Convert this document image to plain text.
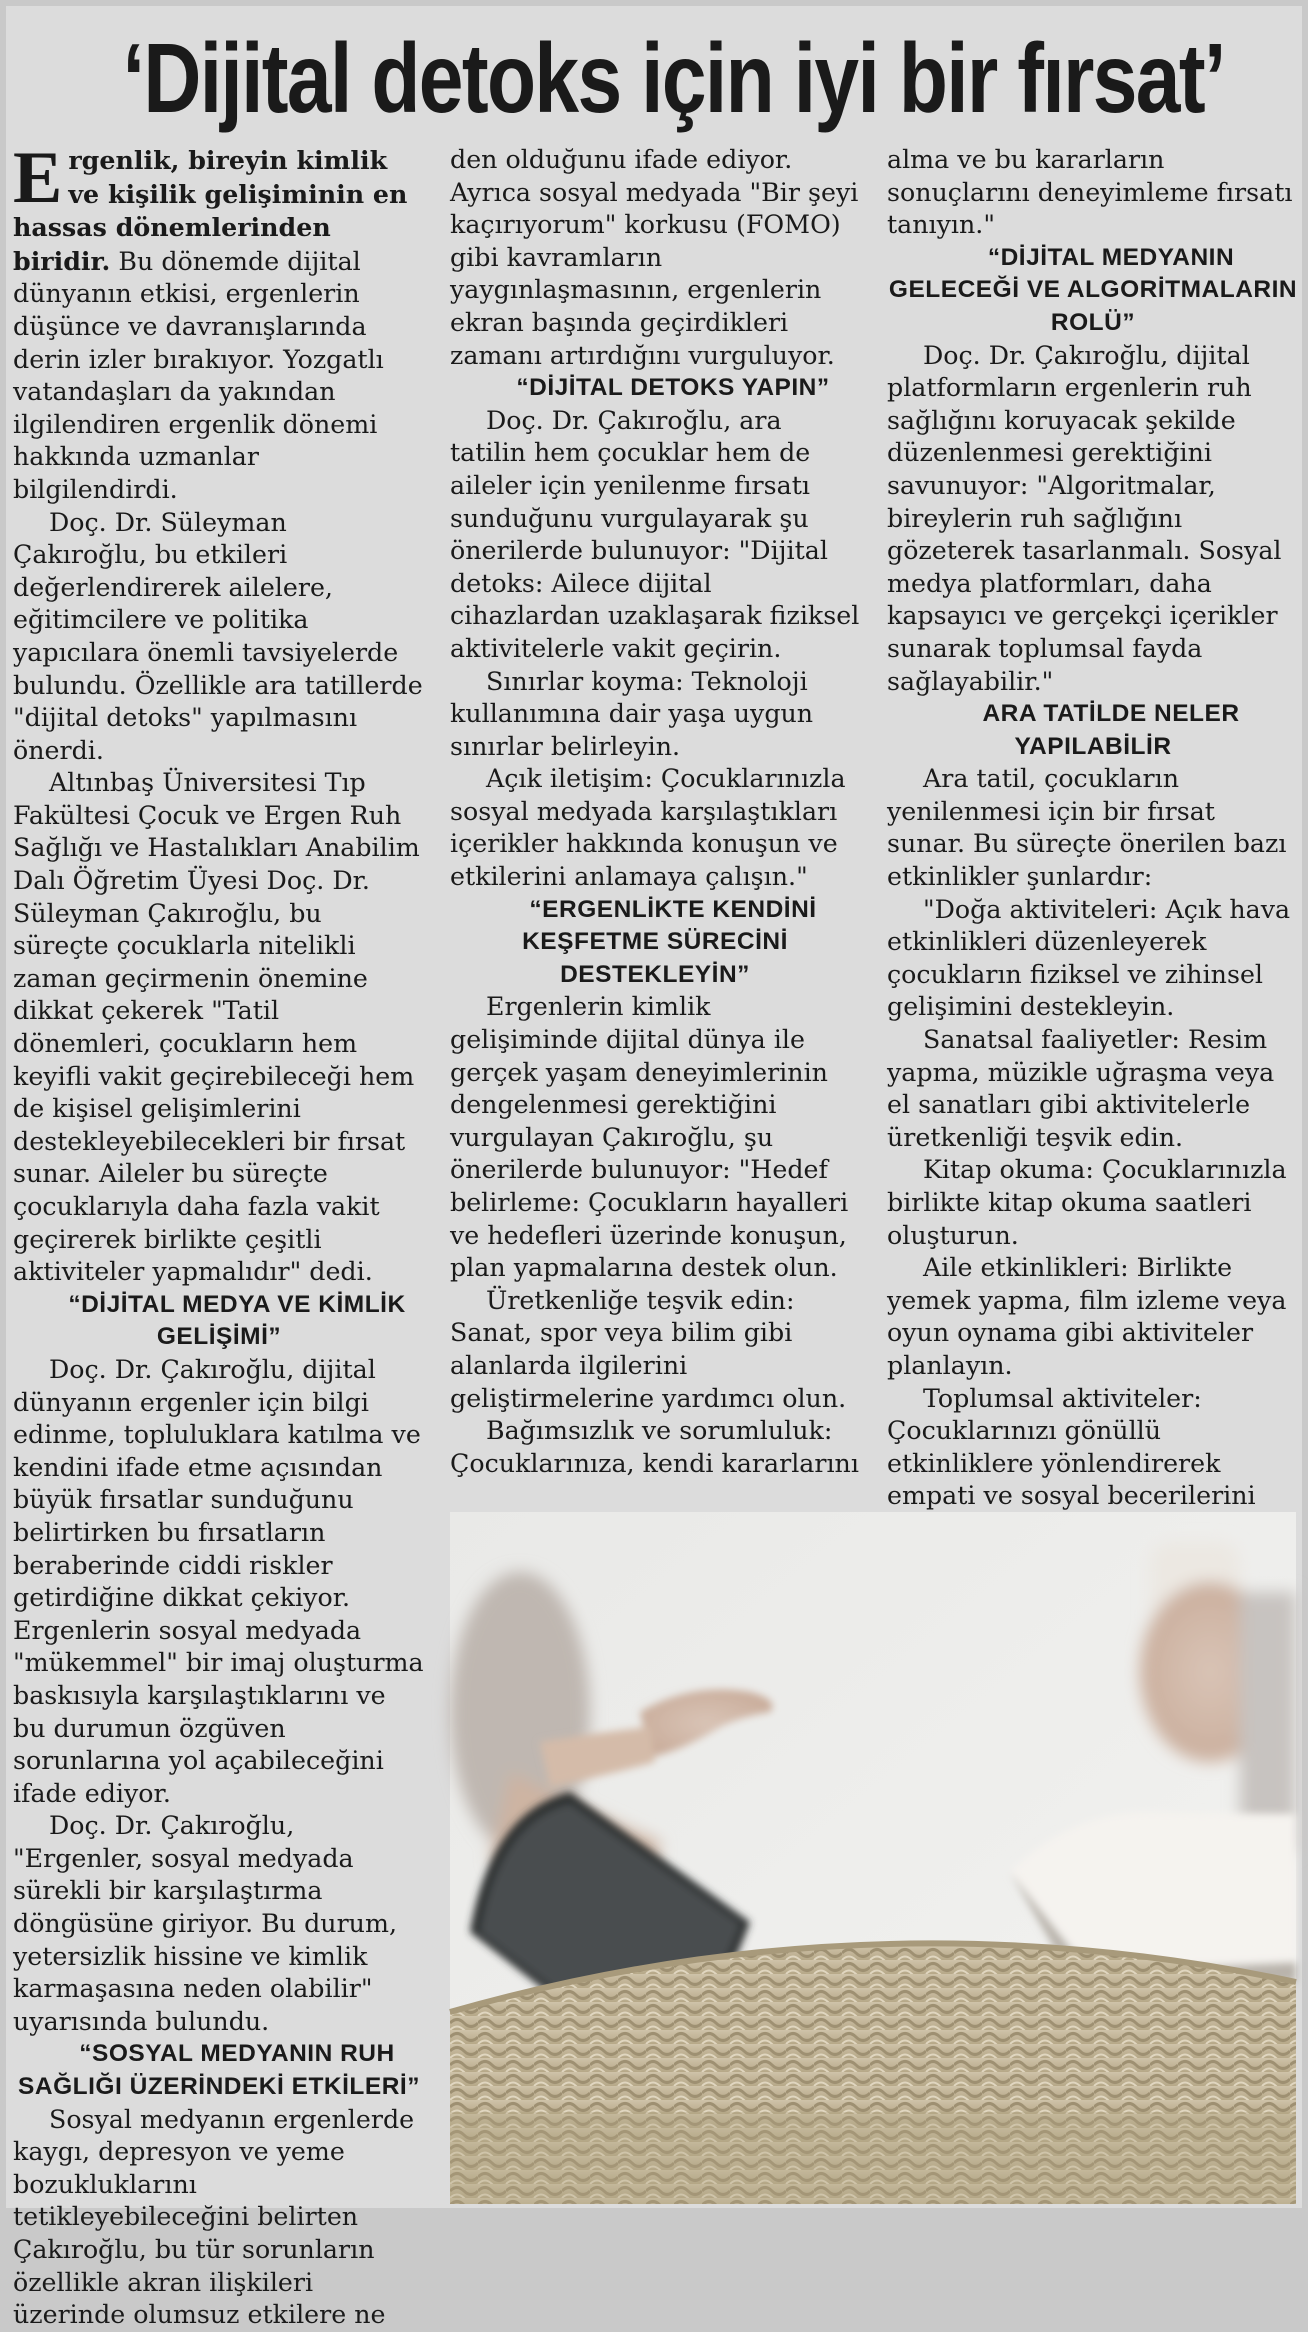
‘Dijital detoks için iyi bir fırsat’

Ergenlik, bireyin kimlik ve kişilik gelişiminin en hassas dönemlerinden biridir. Bu dönemde dijital dünyanın etkisi, ergenlerin düşünce ve davranışlarında derin izler bırakıyor. Yozgatlı vatandaşları da yakından ilgilendiren ergenlik dönemi hakkında uzmanlar bilgilendirdi.

Doç. Dr. Süleyman Çakıroğlu, bu etkileri değerlendirerek ailelere, eğitimcilere ve politika yapıcılara önemli tavsiyelerde bulundu. Özellikle ara tatillerde "dijital detoks" yapılmasını önerdi.

Altınbaş Üniversitesi Tıp Fakültesi Çocuk ve Ergen Ruh Sağlığı ve Hastalıkları Anabilim Dalı Öğretim Üyesi Doç. Dr. Süleyman Çakıroğlu, bu süreçte çocuklarla nitelikli zaman geçirmenin önemine dikkat çekerek "Tatil dönemleri, çocukların hem keyifli vakit geçirebileceği hem de kişisel gelişimlerini destekleyebilecekleri bir fırsat sunar. Aileler bu süreçte çocuklarıyla daha fazla vakit geçirerek birlikte çeşitli aktiviteler yapmalıdır" dedi.

“DİJİTAL MEDYA VE KİMLİK GELİŞİMİ”

Doç. Dr. Çakıroğlu, dijital dünyanın ergenler için bilgi edinme, topluluklara katılma ve kendini ifade etme açısından büyük fırsatlar sunduğunu belirtirken bu fırsatların beraberinde ciddi riskler getirdiğine dikkat çekiyor. Ergenlerin sosyal medyada "mükemmel" bir imaj oluşturma baskısıyla karşılaştıklarını ve bu durumun özgüven sorunlarına yol açabileceğini ifade ediyor.

Doç. Dr. Çakıroğlu, "Ergenler, sosyal medyada sürekli bir karşılaştırma döngüsüne giriyor. Bu durum, yetersizlik hissine ve kimlik karmaşasına neden olabilir" uyarısında bulundu.

“SOSYAL MEDYANIN RUH SAĞLIĞI ÜZERİNDEKİ ETKİLERİ”

Sosyal medyanın ergenlerde kaygı, depresyon ve yeme bozukluklarını tetikleyebileceğini belirten Çakıroğlu, bu tür sorunların özellikle akran ilişkileri üzerinde olumsuz etkilere ne

den olduğunu ifade ediyor. Ayrıca sosyal medyada "Bir şeyi kaçırıyorum" korkusu (FOMO) gibi kavramların yaygınlaşmasının, ergenlerin ekran başında geçirdikleri zamanı artırdığını vurguluyor.

“DİJİTAL DETOKS YAPIN”

Doç. Dr. Çakıroğlu, ara tatilin hem çocuklar hem de aileler için yenilenme fırsatı sunduğunu vurgulayarak şu önerilerde bulunuyor: "Dijital detoks: Ailece dijital cihazlardan uzaklaşarak fiziksel aktivitelerle vakit geçirin.

Sınırlar koyma: Teknoloji kullanımına dair yaşa uygun sınırlar belirleyin.

Açık iletişim: Çocuklarınızla sosyal medyada karşılaştıkları içerikler hakkında konuşun ve etkilerini anlamaya çalışın."

“ERGENLİKTE KENDİNİ KEŞFETME SÜRECİNİ DESTEKLEYİN”

Ergenlerin kimlik gelişiminde dijital dünya ile gerçek yaşam deneyimlerinin dengelenmesi gerektiğini vurgulayan Çakıroğlu, şu önerilerde bulunuyor: "Hedef belirleme: Çocukların hayalleri ve hedefleri üzerinde konuşun, plan yapmalarına destek olun.

Üretkenliğe teşvik edin: Sanat, spor veya bilim gibi alanlarda ilgilerini geliştirmelerine yardımcı olun.

Bağımsızlık ve sorumluluk: Çocuklarınıza, kendi kararlarını

alma ve bu kararların sonuçlarını deneyimleme fırsatı tanıyın."

“DİJİTAL MEDYANIN GELECEĞİ VE ALGORİTMALARIN ROLÜ”

Doç. Dr. Çakıroğlu, dijital platformların ergenlerin ruh sağlığını koruyacak şekilde düzenlenmesi gerektiğini savunuyor: "Algoritmalar, bireylerin ruh sağlığını gözeterek tasarlanmalı. Sosyal medya platformları, daha kapsayıcı ve gerçekçi içerikler sunarak toplumsal fayda sağlayabilir."

ARA TATİLDE NELER YAPILABİLİR

Ara tatil, çocukların yenilenmesi için bir fırsat sunar. Bu süreçte önerilen bazı etkinlikler şunlardır:

"Doğa aktiviteleri: Açık hava etkinlikleri düzenleyerek çocukların fiziksel ve zihinsel gelişimini destekleyin.

Sanatsal faaliyetler: Resim yapma, müzikle uğraşma veya el sanatları gibi aktivitelerle üretkenliği teşvik edin.

Kitap okuma: Çocuklarınızla birlikte kitap okuma saatleri oluşturun.

Aile etkinlikleri: Birlikte yemek yapma, film izleme veya oyun oynama gibi aktiviteler planlayın.

Toplumsal aktiviteler: Çocuklarınızı gönüllü etkinliklere yönlendirerek empati ve sosyal becerilerini
